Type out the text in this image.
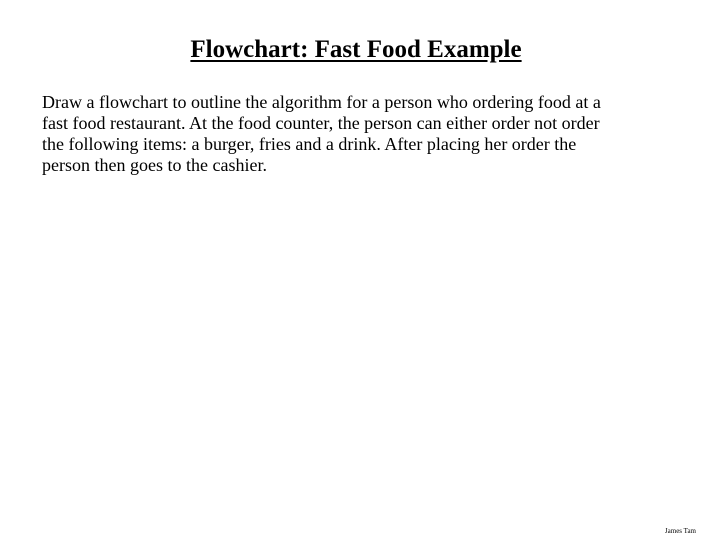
Flowchart: Fast Food Example
Draw a flowchart to outline the algorithm for a person who ordering food at a
fast food restaurant. At the food counter, the person can either order not order
the following items: a burger, fries and a drink. After placing her order the
person then goes to the cashier.
James Tam
